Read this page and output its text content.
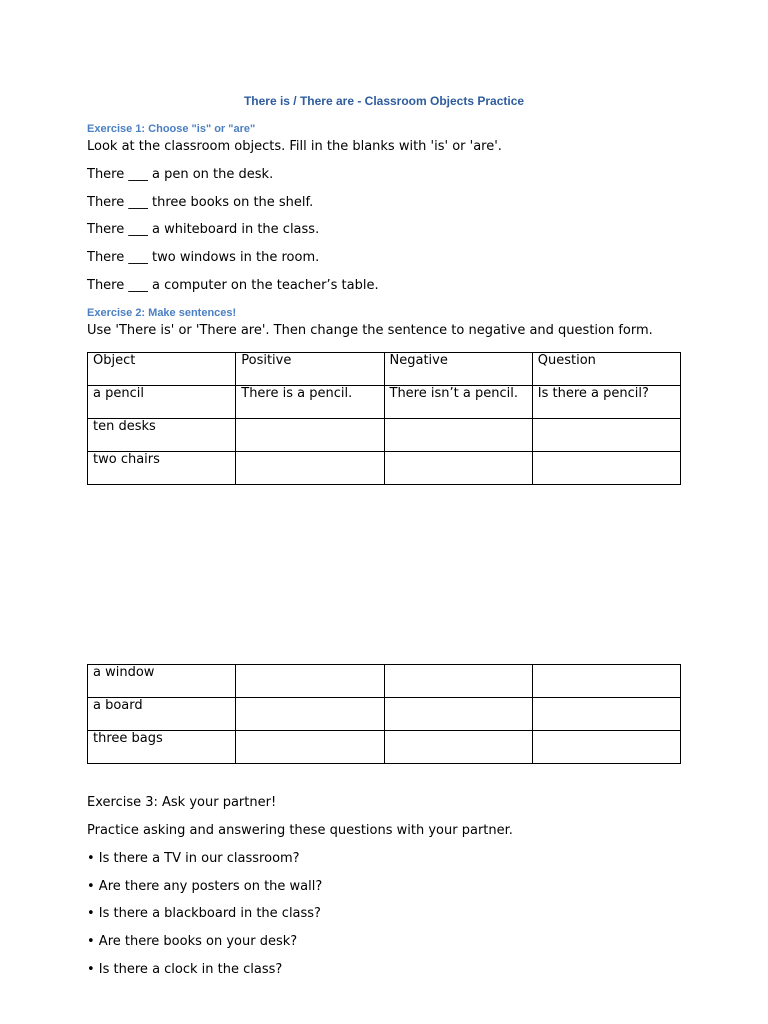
There is / There are - Classroom Objects Practice
Exercise 1: Choose "is" or "are"
Look at the classroom objects. Fill in the blanks with 'is' or 'are'.
There ___ a pen on the desk.
There ___ three books on the shelf.
There ___ a whiteboard in the class.
There ___ two windows in the room.
There ___ a computer on the teacher’s table.
Exercise 2: Make sentences!
Use 'There is' or 'There are'. Then change the sentence to negative and question form.
Object	Positive	Negative	Question

a pencil	There is a pencil.	There isn’t a pencil.	Is there a pencil?

ten desks			

two chairs			

a window			

a board			

three bags			

Exercise 3: Ask your partner!
Practice asking and answering these questions with your partner.
• Is there a TV in our classroom?
• Are there any posters on the wall?
• Is there a blackboard in the class?
• Are there books on your desk?
• Is there a clock in the class?
